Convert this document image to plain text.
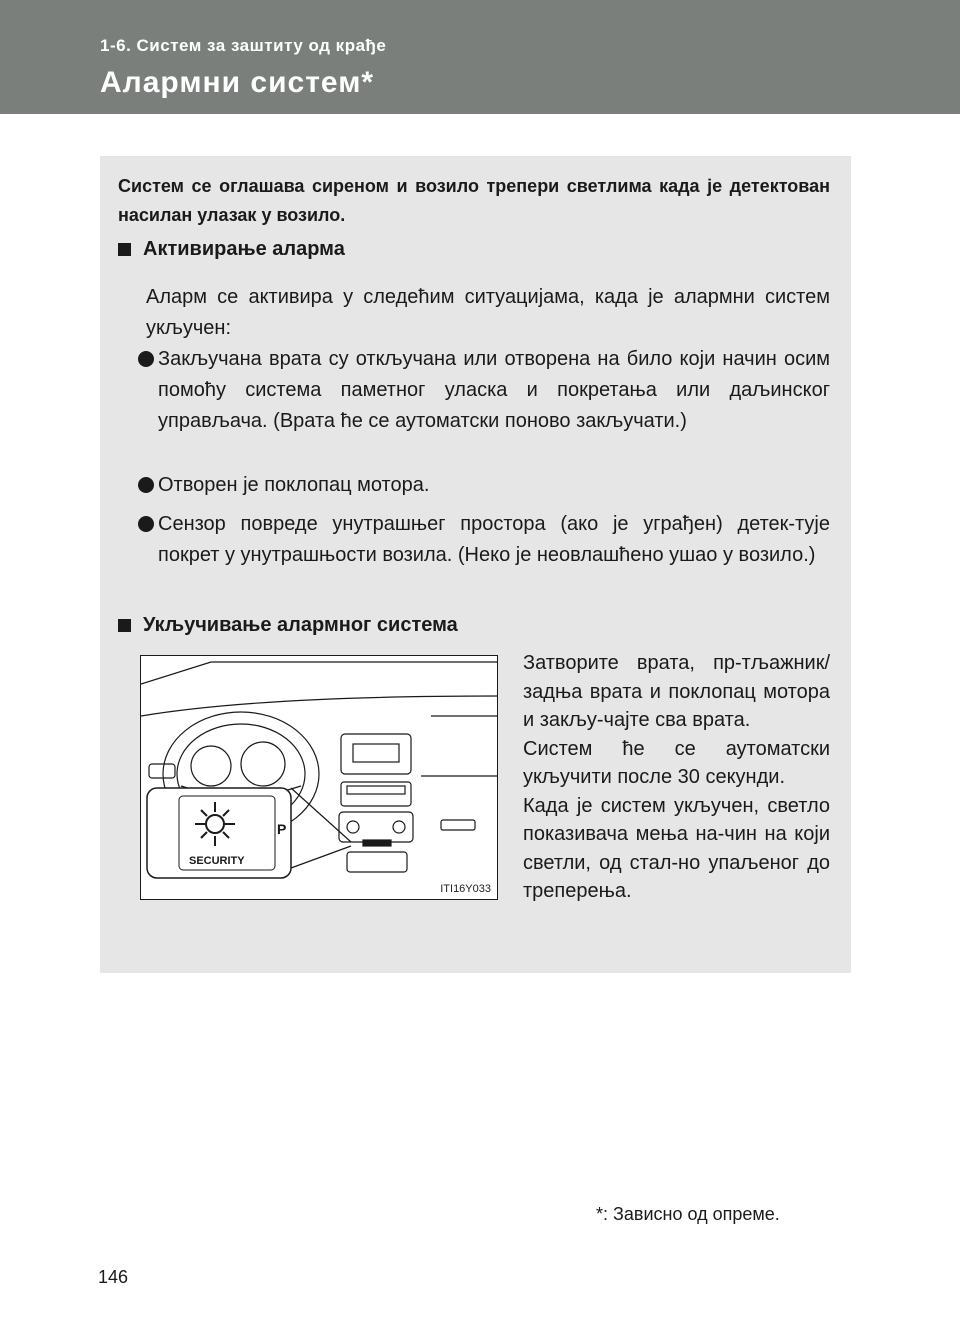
1-6. Систем за заштиту од крађе
Алармни систем*
Систем се оглашава сиреном и возило трепери светлима када је детектован насилан улазак у возило.
Активирање аларма
Аларм се активира у следећим ситуацијама, када је алармни систем укључен:
Закључана врата су откључана или отворена на било који начин осим помоћу система паметног уласка и покретања или даљинског управљача. (Врата ће се аутоматски поново закључати.)
Отворен је поклопац мотора.
Сензор повреде унутрашњег простора (ако је уграђен) детек-тује покрет у унутрашњости возила. (Неко је неовлашћено ушао у возило.)
Укључивање алармног система
SECURITY
P
ITI16Y033

Затворите врата, пр-тљажник/задња врата и поклопац мотора и закљу-чајте сва врата.

Систем ће се аутоматски укључити после 30 секунди.

Када је систем укључен, светло показивача мења на-чин на који светли, од стал-но упаљеног до треперења.

*: Зависно од опреме.
146
